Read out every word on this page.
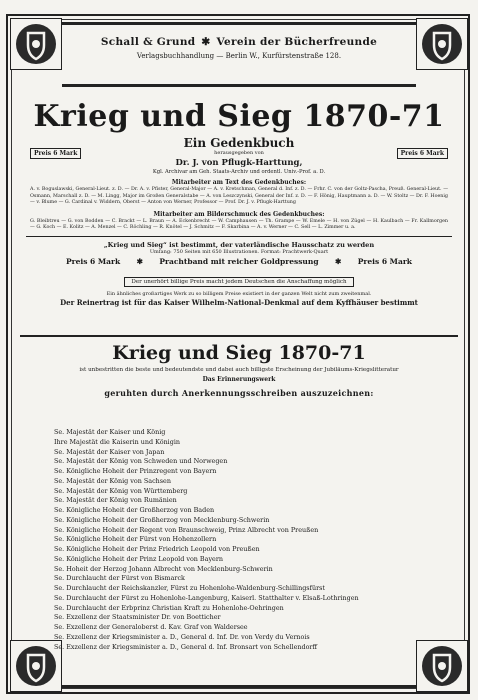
Schall & Grund ✱ Verein der Bücherfreunde
Verlagsbuchhandlung — Berlin W., Kurfürstenstraße 128.
Krieg und Sieg 1870-71
Preis 6 Mark	Preis 6 Mark
Ein Gedenkbuch
herausgegeben von
Dr. J. von Pflugk-Harttung,
Kgl. Archivar am Geh. Staats-Archiv und ordentl. Univ.-Prof. a. D.
Mitarbeiter am Text des Gedenkbuches:
A. v. Boguslawski, General-Lieut. z. D. — Dr. A. v. Pfister, General-Major — A. v. Kretschman, General d. Inf. z. D. — Frhr. C. von der Goltz-Pascha, Preuß. General-Lieut. — Osmann, Marschall z. D. — M. Lingg, Major im Großen Generalstabe — A. von Leszczynski, General der Inf. z. D. — F. Hönig, Hauptmann a. D. — W. Stoltz — Dr. F. Hoenig — v. Blume — G. Cardinal v. Widdern, Oberst — Anton von Werner, Professor — Prof. Dr. J. v. Pflugk-Harttung
Mitarbeiter am Bilderschmuck des Gedenkbuches:
G. Bleibtreu — G. von Bodden — C. Brackt — L. Braun — A. Eckenbrecht — W. Camphausen — Th. Grampe — W. Emele — H. von Zügel — H. Kaulbach — Fr. Kallmorgen — G. Koch — E. Kolitz — A. Menzel — C. Röchling — R. Knötel — J. Schmitz — F. Skarbina — A. v. Werner — C. Sell — L. Zimmer u. a.
„Krieg und Sieg“ ist bestimmt, der vaterländische Hausschatz zu werden
Umfang: 750 Seiten mit 650 Illustrationen. Format: Prachtwerk-Quart
Preis 6 Mark ✱ Prachtband mit reicher Goldpressung ✱ Preis 6 Mark
Der unerhört billige Preis macht jedem Deutschen die Anschaffung möglich
Ein ähnliches großartiges Werk zu so billigem Preise existiert in der ganzen Welt nicht zum zweitenmal.
Der Reinertrag ist für das Kaiser Wilhelm-National-Denkmal auf dem Kyffhäuser bestimmt
Krieg und Sieg 1870-71
ist unbestritten die beste und bedeutendste und dabei auch billigste Erscheinung der Jubiläums-Kriegslitteratur
Das Erinnerungswerk
geruhten durch Anerkennungsschreiben auszuzeichnen:
Se. Majestät der Kaiser und König
Ihre Majestät die Kaiserin und Königin
Se. Majestät der Kaiser von Japan
Se. Majestät der König von Schweden und Norwegen
Se. Königliche Hoheit der Prinzregent von Bayern
Se. Majestät der König von Sachsen
Se. Majestät der König von Württemberg
Se. Majestät der König von Rumänien
Se. Königliche Hoheit der Großherzog von Baden
Se. Königliche Hoheit der Großherzog von Mecklenburg-Schwerin
Se. Königliche Hoheit der Regent von Braunschweig, Prinz Albrecht von Preußen
Se. Königliche Hoheit der Fürst von Hohenzollern
Se. Königliche Hoheit der Prinz Friedrich Leopold von Preußen
Se. Königliche Hoheit der Prinz Leopold von Bayern
Se. Hoheit der Herzog Johann Albrecht von Mecklenburg-Schwerin
Se. Durchlaucht der Fürst von Bismarck
Se. Durchlaucht der Reichskanzler, Fürst zu Hohenlohe-Waldenburg-Schillingsfürst
Se. Durchlaucht der Fürst zu Hohenlohe-Langenburg, Kaiserl. Statthalter v. Elsaß-Lothringen
Se. Durchlaucht der Erbprinz Christian Kraft zu Hohenlohe-Oehringen
Se. Exzellenz der Staatsminister Dr. von Boetticher
Se. Exzellenz der Generaloberst d. Kav. Graf von Waldersee
Se. Exzellenz der Kriegsminister a. D., General d. Inf. Dr. von Verdy du Vernois
Se. Exzellenz der Kriegsminister a. D., General d. Inf. Bronsart von Schellendorff
